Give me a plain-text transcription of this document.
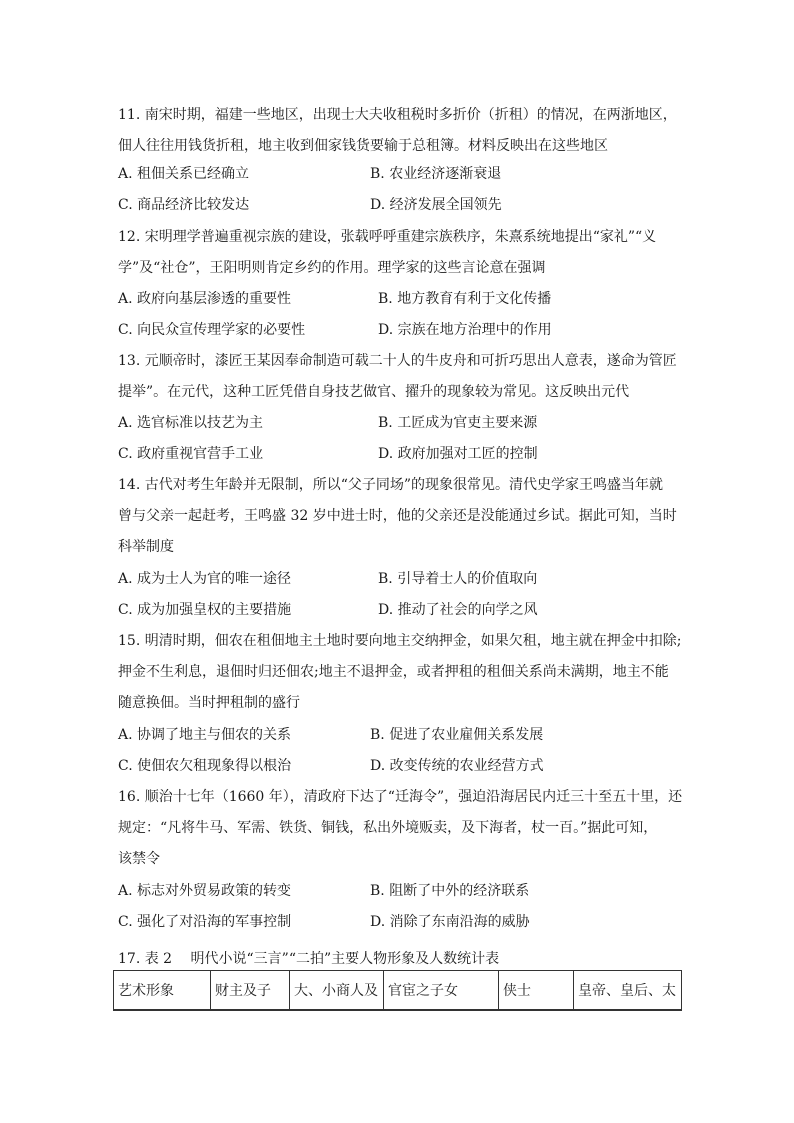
11. 南宋时期，福建一些地区，出现士大夫收租税时多折价（折租）的情况，在两浙地区，

佃人往往用钱货折租，地主收到佃家钱货要输于总租簿。材料反映出在这些地区

A. 租佃关系已经确立	B. 农业经济逐渐衰退
C. 商品经济比较发达	D. 经济发展全国领先

12. 宋明理学普遍重视宗族的建设，张载呼呼重建宗族秩序，朱熹系统地提出“家礼”“义

学”及“社仓”，王阳明则肯定乡约的作用。理学家的这些言论意在强调

A. 政府向基层渗透的重要性	B. 地方教育有利于文化传播
C. 向民众宣传理学家的必要性	D. 宗族在地方治理中的作用

13. 元顺帝时，漆匠王某因奉命制造可载二十人的牛皮舟和可折巧思出人意表，遂命为管匠

提举”。在元代，这种工匠凭借自身技艺做官、擢升的现象较为常见。这反映出元代

A. 选官标准以技艺为主	B. 工匠成为官吏主要来源
C. 政府重视官营手工业	D. 政府加强对工匠的控制

14. 古代对考生年龄并无限制，所以“父子同场”的现象很常见。清代史学家王鸣盛当年就

曾与父亲一起赶考，王鸣盛 32 岁中进士时，他的父亲还是没能通过乡试。据此可知，当时

科举制度

A. 成为士人为官的唯一途径	B. 引导着士人的价值取向
C. 成为加强皇权的主要措施	D. 推动了社会的向学之风

15. 明清时期，佃农在租佃地主土地时要向地主交纳押金，如果欠租，地主就在押金中扣除;

押金不生利息，退佃时归还佃农;地主不退押金，或者押租的租佃关系尚未满期，地主不能

随意换佃。当时押租制的盛行

A. 协调了地主与佃农的关系	B. 促进了农业雇佣关系发展
C. 使佃农欠租现象得以根治	D. 改变传统的农业经营方式

16. 顺治十七年（1660 年），清政府下达了“迁海令”，强迫沿海居民内迁三十至五十里，还

规定：“凡将牛马、军需、铁货、铜钱，私出外境贩卖，及下海者，杖一百。”据此可知，

该禁令

A. 标志对外贸易政策的转变	B. 阻断了中外的经济联系
C. 强化了对沿海的军事控制	D. 消除了东南沿海的威胁
17. 表 2　 明代小说“三言”“二拍”主要人物形象及人数统计表
艺术形象	财主及子	大、小商人及	官宦之子女	侠士	皇帝、皇后、太
